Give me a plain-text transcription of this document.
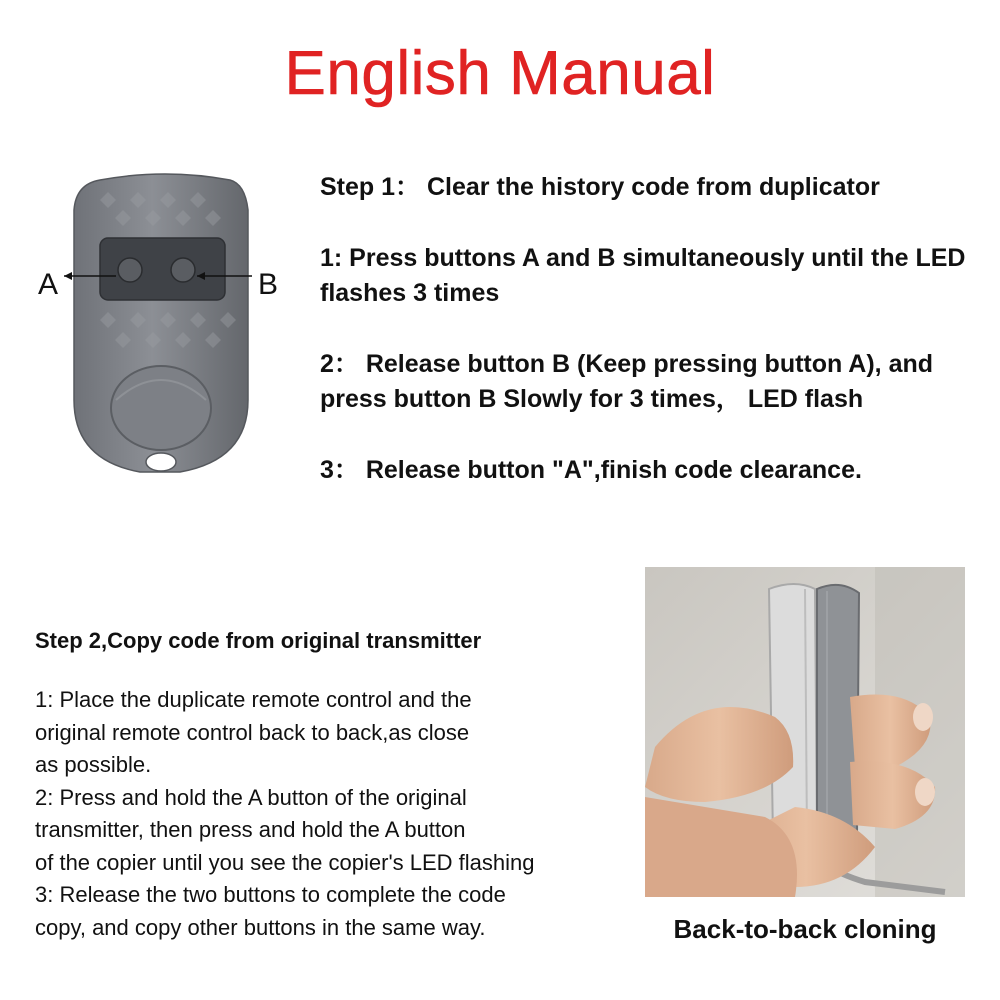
English Manual
A	B
Step 1： Clear the history code from duplicator
1: Press buttons A and B simultaneously until the LED flashes 3 times
2： Release button B (Keep pressing button A), and press button B Slowly for 3 times， LED flash
3： Release button "A",finish code clearance.
Step 2,Copy code from original transmitter
1: Place the duplicate remote control and the
original remote control back to back,as close
as possible.
2: Press and hold the A button of the original
transmitter, then press and hold the A button
of the copier until you see the copier's LED flashing
3: Release the two buttons to complete the code
copy, and copy other buttons in the same way.	Back-to-back cloning
